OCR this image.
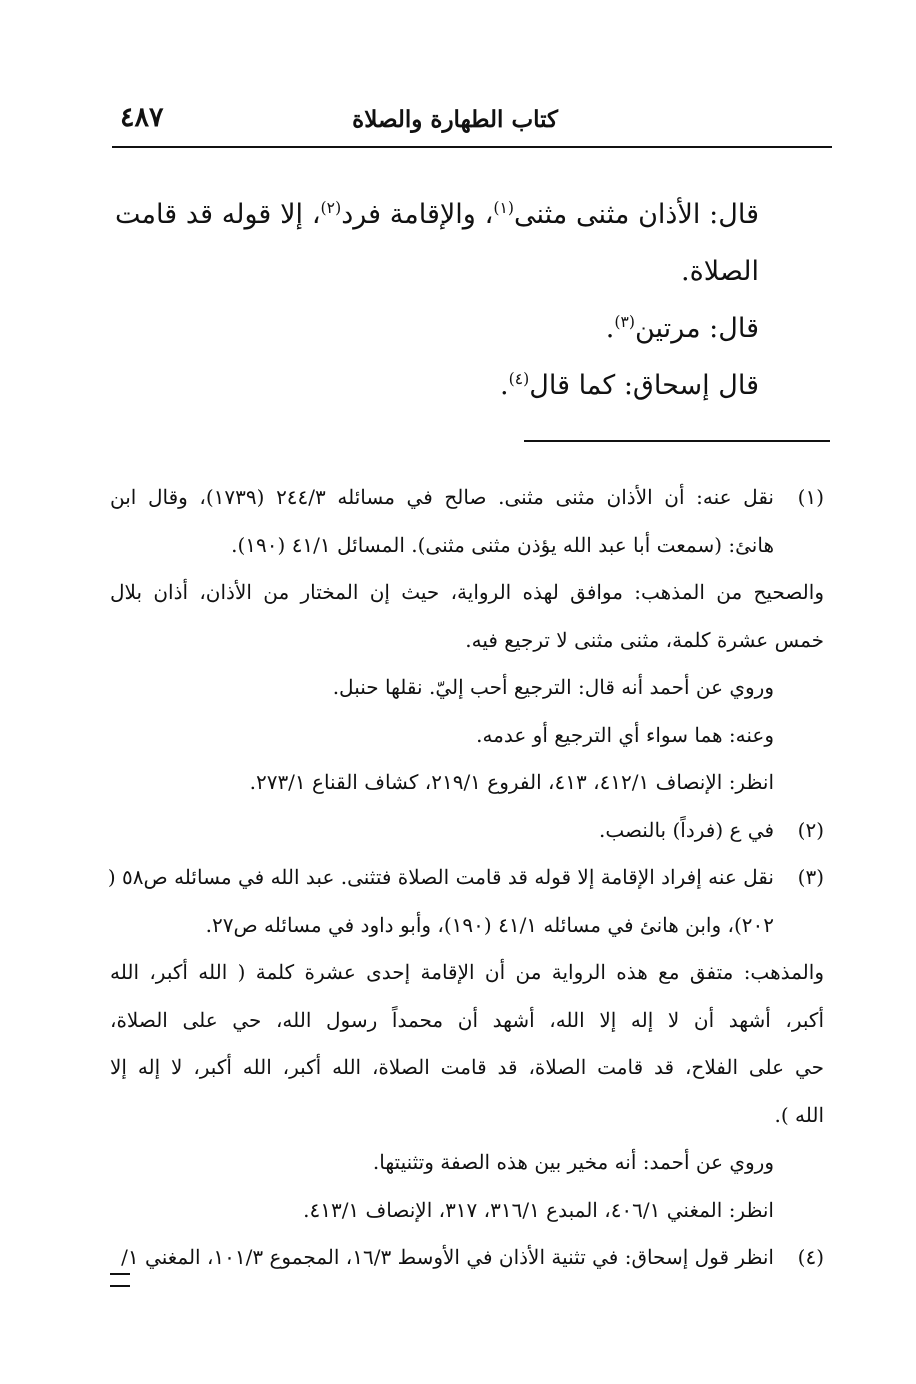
كتاب الطهارة والصلاة
٤٨٧
قال: الأذان مثنى مثنى$^{(١)}$، والإقامة فرد$^{(٢)}$، إلا قوله قد قامت
الصلاة.
قال: مرتين$^{(٣)}$.
قال إسحاق: كما قال$^{(٤)}$.
(١)نقل عنه: أن الأذان مثنى مثنى. صالح في مسائله ٢٤٤/٣ (١٧٣٩)، وقال ابن
هانئ: (سمعت أبا عبد الله يؤذن مثنى مثنى). المسائل ٤١/١ (١٩٠).
والصحيح من المذهب: موافق لهذه الرواية، حيث إن المختار من الأذان، أذان بلال
خمس عشرة كلمة، مثنى مثنى لا ترجيع فيه.
وروي عن أحمد أنه قال: الترجيع أحب إليّ. نقلها حنبل.
وعنه: هما سواء أي الترجيع أو عدمه.
انظر: الإنصاف ٤١٢/١، ٤١٣، الفروع ٢١٩/١، كشاف القناع ٢٧٣/١.
(٢)في ع (فرداً) بالنصب.
(٣)نقل عنه إفراد الإقامة إلا قوله قد قامت الصلاة فتثنى. عبد الله في مسائله ص٥٨ (
٢٠٢)، وابن هانئ في مسائله ٤١/١ (١٩٠)، وأبو داود في مسائله ص٢٧.
والمذهب: متفق مع هذه الرواية من أن الإقامة إحدى عشرة كلمة ( الله أكبر، الله
أكبر، أشهد أن لا إله إلا الله، أشهد أن محمداً رسول الله، حي على الصلاة،
حي على الفلاح، قد قامت الصلاة، قد قامت الصلاة، الله أكبر، الله أكبر، لا إله إلا
الله ).
وروي عن أحمد: أنه مخير بين هذه الصفة وتثنيتها.
انظر: المغني ٤٠٦/١، المبدع ٣١٦/١، ٣١٧، الإنصاف ٤١٣/١.
(٤)انظر قول إسحاق: في تثنية الأذان في الأوسط ١٦/٣، المجموع ١٠١/٣، المغني ١/
